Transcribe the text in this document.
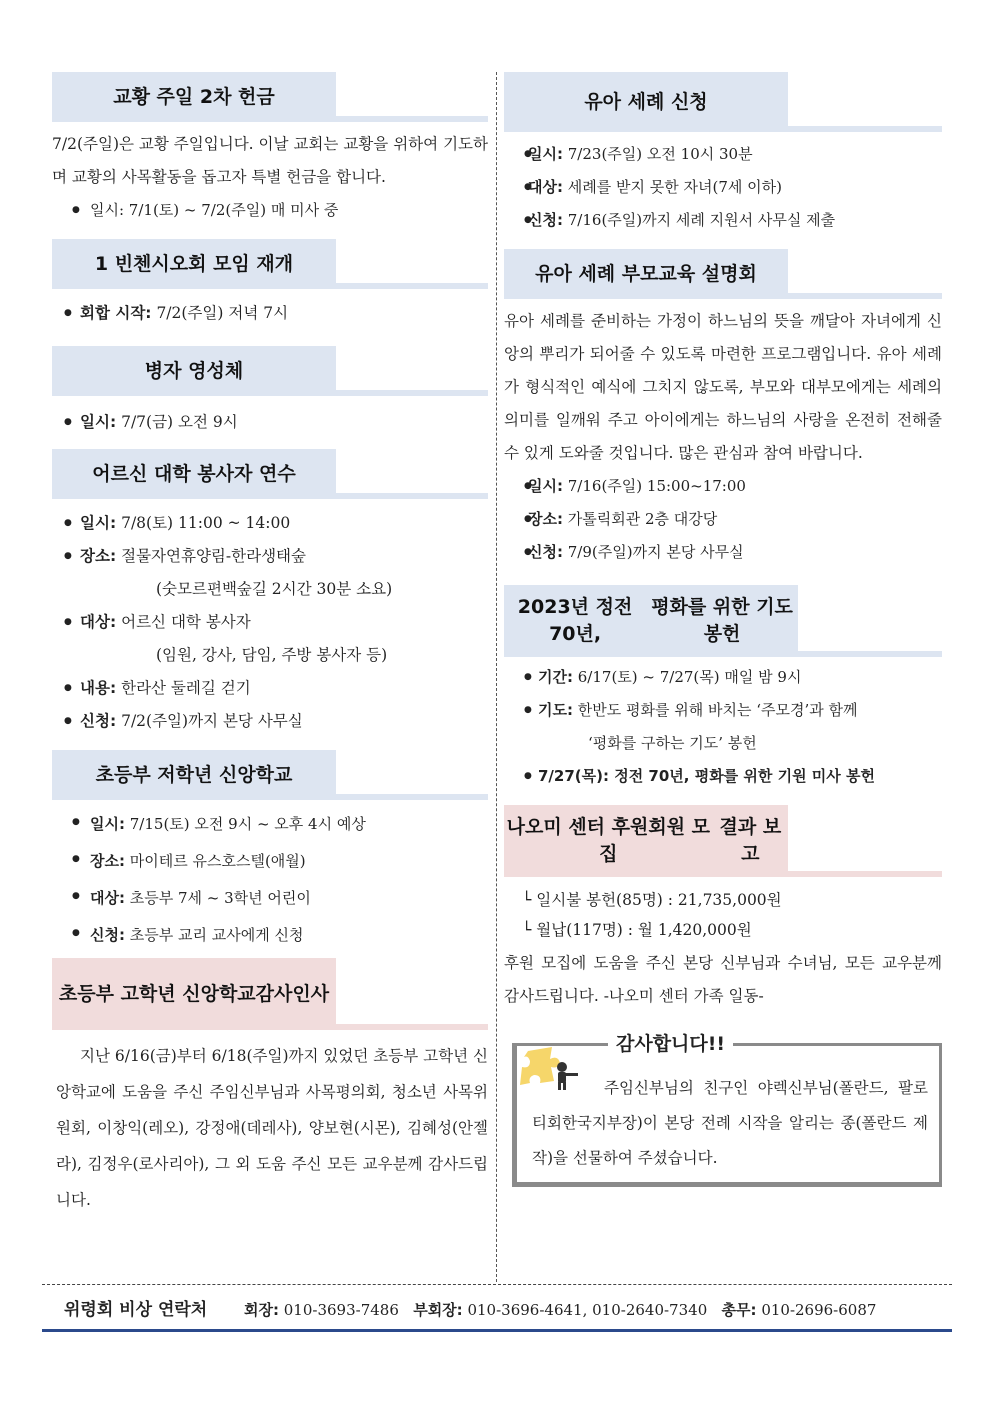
교황 주일 2차 헌금

7/2(주일)은 교황 주일입니다. 이날 교회는 교황을 위하여 기도하며 교황의 사목활동을 돕고자 특별 헌금을 합니다.

● 일시: 7/1(토) ~ 7/2(주일) 매 미사 중
1 빈첸시오회 모임 재개
● 회합 시작: 7/2(주일) 저녁 7시
병자 영성체
● 일시: 7/7(금) 오전 9시
어르신 대학 봉사자 연수
● 일시: 7/8(토) 11:00 ~ 14:00
● 장소: 절물자연휴양림-한라생태숲
(숫모르편백숲길 2시간 30분 소요)
● 대상: 어르신 대학 봉사자
(임원, 강사, 담임, 주방 봉사자 등)
● 내용: 한라산 둘레길 걷기
● 신청: 7/2(주일)까지 본당 사무실
초등부 저학년 신앙학교
● 일시: 7/15(토) 오전 9시 ~ 오후 4시 예상
● 장소: 마이테르 유스호스텔(애월)
● 대상: 초등부 7세 ~ 3학년 어린이
● 신청: 초등부 교리 교사에게 신청
초등부 고학년 신앙학교 감사인사

지난 6/16(금)부터 6/18(주일)까지 있었던 초등부 고학년 신앙학교에 도움을 주신 주임신부님과 사목평의회, 청소년 사목위원회, 이창익(레오), 강정애(데레사), 양보현(시몬), 김혜성(안젤라), 김정우(로사리아), 그 외 도움 주신 모든 교우분께 감사드립니다.

유아 세례 신청
● 일시: 7/23(주일) 오전 10시 30분
● 대상: 세례를 받지 못한 자녀(7세 이하)
● 신청: 7/16(주일)까지 세례 지원서 사무실 제출
유아 세례 부모교육 설명회

유아 세례를 준비하는 가정이 하느님의 뜻을 깨달아 자녀에게 신앙의 뿌리가 되어줄 수 있도록 마련한 프로그램입니다. 유아 세례가 형식적인 예식에 그치지 않도록, 부모와 대부모에게는 세례의 의미를 일깨워 주고 아이에게는 하느님의 사랑을 온전히 전해줄 수 있게 도와줄 것입니다. 많은 관심과 참여 바랍니다.

● 일시: 7/16(주일) 15:00~17:00
● 장소: 가톨릭회관 2층 대강당
● 신청: 7/9(주일)까지 본당 사무실
2023년 정전 70년,

평화를 위한 기도 봉헌
● 기간: 6/17(토) ~ 7/27(목) 매일 밤 9시
● 기도: 한반도 평화를 위해 바치는 ‘주모경’과 함께
‘평화를 구하는 기도’ 봉헌
● 7/27(목): 정전 70년, 평화를 위한 기원 미사 봉헌
나오미 센터 후원회원 모집

결과 보고
└ 일시불 봉헌(85명) : 21,735,000원
└ 월납(117명) : 월 1,420,000원

후원 모집에 도움을 주신 본당 신부님과 수녀님, 모든 교우분께 감사드립니다. -나오미 센터 가족 일동-

감사합니다!!
주임신부님의 친구인 야렉신부님(폴란드, 팔로티회한국지부장)이 본당 전례 시작을 알리는 종(폴란드 제작)을 선물하여 주셨습니다.
위령회 비상 연락처 회장: 010-3693-7486 부회장: 010-3696-4641, 010-2640-7340 총무: 010-2696-6087
